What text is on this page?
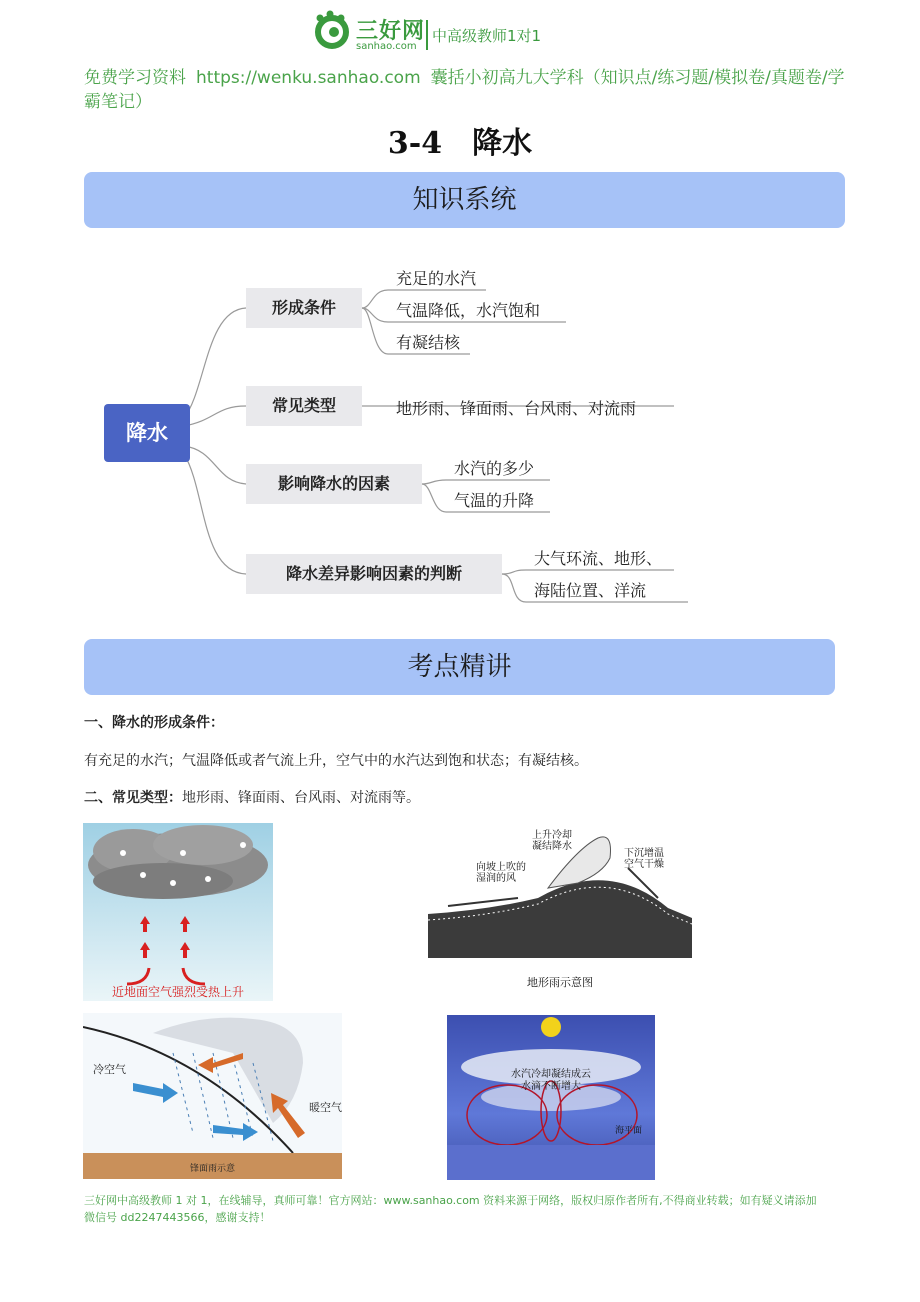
三好网
sanhao.com
中高级教师1对1
免费学习资料 https://wenku.sanhao.com 囊括小初高九大学科（知识点/练习题/模拟卷/真题卷/学霸笔记）
3-4　降水
知识系统
降水
形成条件
常见类型
影响降水的因素
降水差异影响因素的判断
充足的水汽
气温降低，水汽饱和
有凝结核
地形雨、锋面雨、台风雨、对流雨
水汽的多少
气温的升降
大气环流、地形、
海陆位置、洋流
考点精讲
一、降水的形成条件：
有充足的水汽；气温降低或者气流上升，空气中的水汽达到饱和状态；有凝结核。
二、常见类型：地形雨、锋面雨、台风雨、对流雨等。
近地面空气强烈受热上升
上升冷却
凝结降水
向坡上吹的
湿润的风
下沉增温
空气干燥
地形雨示意图
冷空气
暖空气
锋面雨示意
水汽冷却凝结成云
水滴不断增大
海平面
三好网中高级教师 1 对 1，在线辅导，真师可靠！官方网站：www.sanhao.com 资料来源于网络，版权归原作者所有,不得商业转载；如有疑义请添加微信号 dd2247443566，感谢支持！
